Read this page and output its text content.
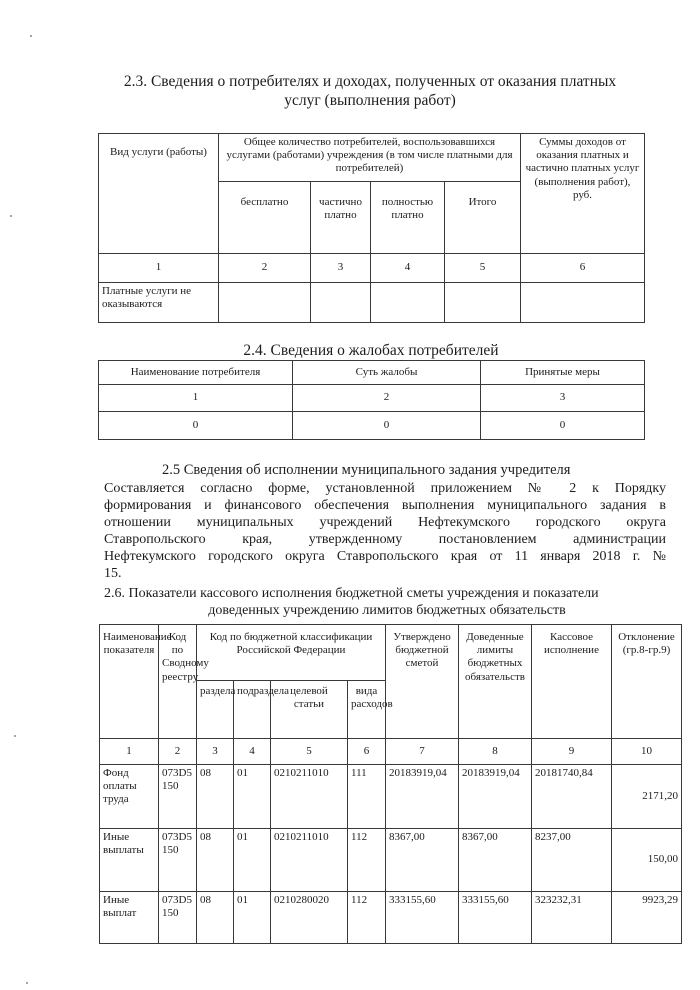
2.3. Сведения о потребителях и доходах, полученных от оказания платных
услуг (выполнения работ)
Вид услуги (работы)	Общее количество потребителей, воспользовавшихся услугами (работами) учреждения (в том числе платными для потребителей)				Суммы доходов от оказания платных и частично платных услуг (выполнения работ), руб.
	бесплатно	частично платно	полностью платно	Итого	
1	2	3	4	5	6
Платные услуги не оказываются					
2.4. Сведения о жалобах потребителей
Наименование потребителя	Суть жалобы	Принятые меры
1	2	3
0	0	0
2.5 Сведения об исполнении муниципального задания учредителя
Составляется согласно форме, установленной приложением № 2 к Порядку
формирования и финансового обеспечения выполнения муниципального задания в
отношении муниципальных учреждений Нефтекумского городского округа
Ставропольского края, утвержденному постановлением администрации
Нефтекумского городского округа Ставропольского края от 11 января 2018 г. №
15.
2.6. Показатели кассового исполнения бюджетной сметы учреждения и показатели
доведенных учреждению лимитов бюджетных обязательств
Наименование показателя	Код по Сводному реестру	Код по бюджетной классификации Российской Федерации				Утверждено бюджетной сметой	Доведенные лимиты бюджетных обязательств	Кассовое исполнение	Отклонение (гр.8-гр.9)
		раздела	подраздела	целевой статьи	вида расходов				
1	2	3	4	5	6	7	8	9	10
Фонд оплаты труда	073D5150	08	01	0210211010	111	20183919,04	20183919,04	20181740,84	2171,20
Иные выплаты	073D5150	08	01	0210211010	112	8367,00	8367,00	8237,00	150,00
Иные выплат	073D5150	08	01	0210280020	112	333155,60	333155,60	323232,31	9923,29
